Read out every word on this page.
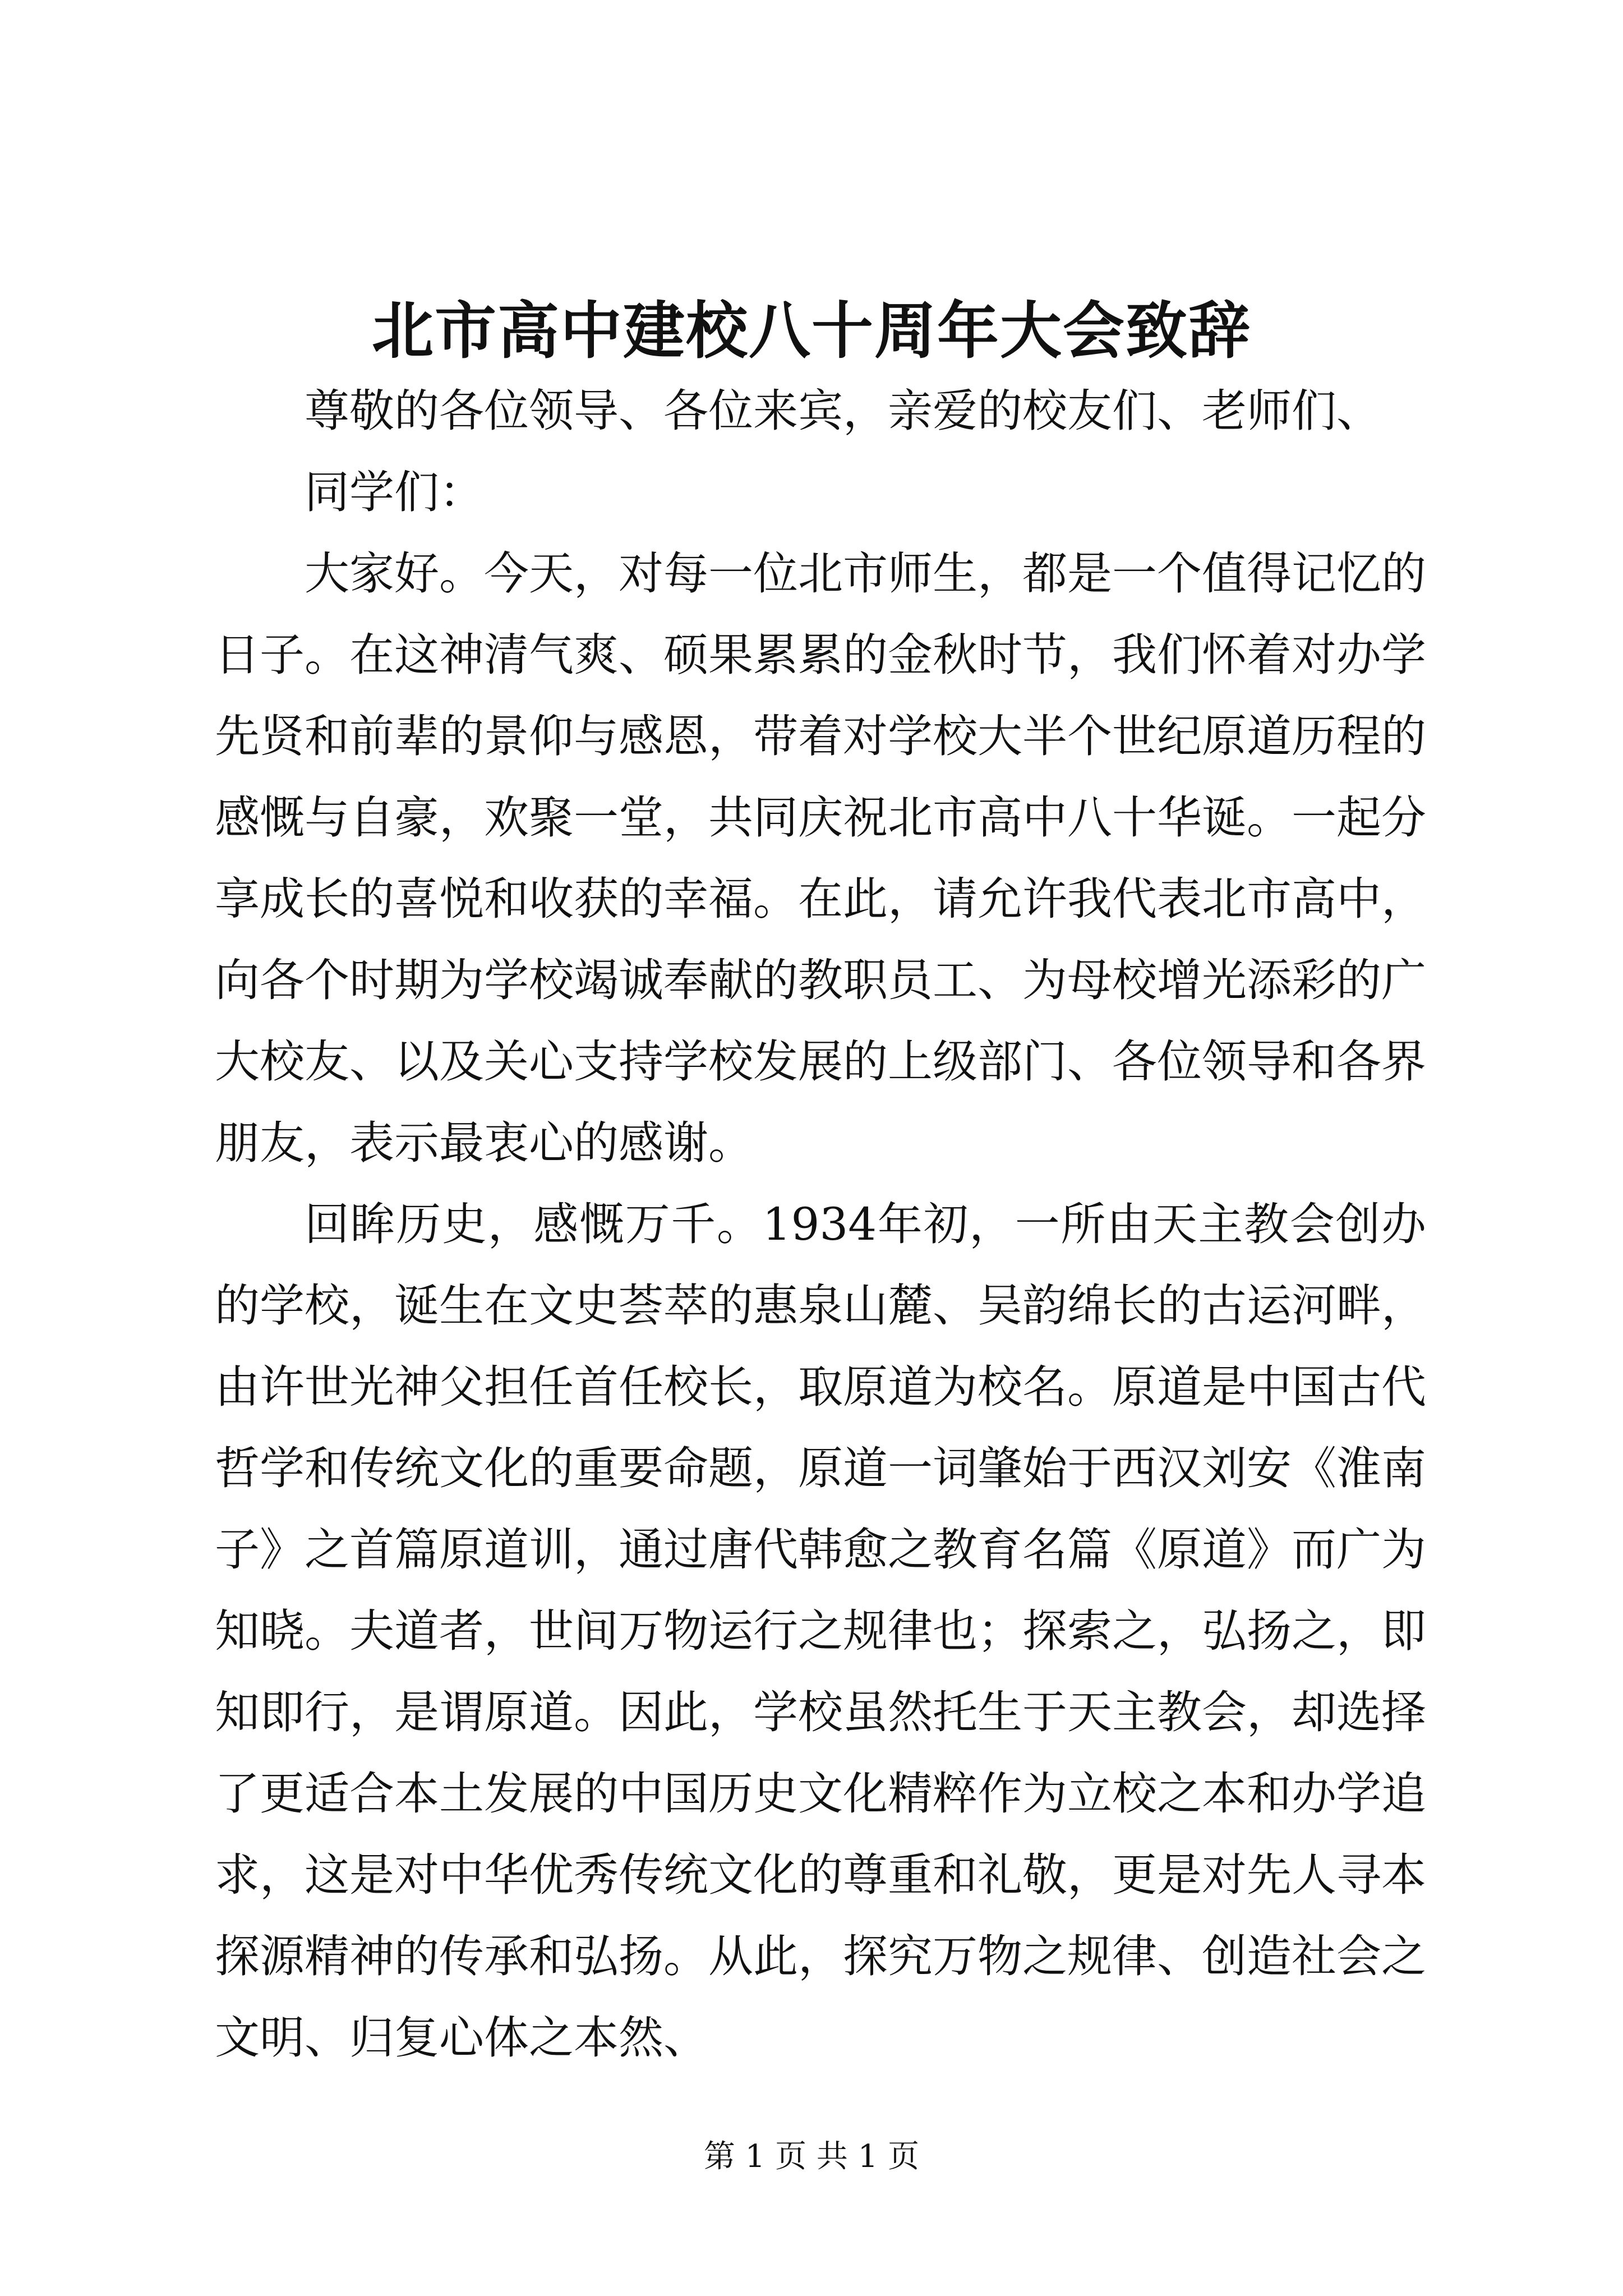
北市高中建校八十周年大会致辞

尊敬的各位领导、各位来宾，亲爱的校友们、老师们、

同学们：

大家好。今天，对每一位北市师生，都是一个值得记忆的日子。在这神清气爽、硕果累累的金秋时节，我们怀着对办学先贤和前辈的景仰与感恩，带着对学校大半个世纪原道历程的感慨与自豪，欢聚一堂，共同庆祝北市高中八十华诞。一起分享成长的喜悦和收获的幸福。在此，请允许我代表北市高中，向各个时期为学校竭诚奉献的教职员工、为母校增光添彩的广大校友、以及关心支持学校发展的上级部门、各位领导和各界朋友，表示最衷心的感谢。

回眸历史，感慨万千。1934年初，一所由天主教会创办的学校，诞生在文史荟萃的惠泉山麓、吴韵绵长的古运河畔，由许世光神父担任首任校长，取原道为校名。原道是中国古代哲学和传统文化的重要命题，原道一词肇始于西汉刘安《淮南子》之首篇原道训，通过唐代韩愈之教育名篇《原道》而广为知晓。夫道者，世间万物运行之规律也；探索之，弘扬之，即知即行，是谓原道。因此，学校虽然托生于天主教会，却选择了更适合本土发展的中国历史文化精粹作为立校之本和办学追求，这是对中华优秀传统文化的尊重和礼敬，更是对先人寻本探源精神的传承和弘扬。从此，探究万物之规律、创造社会之文明、归复心体之本然、

第 1 页 共 1 页
